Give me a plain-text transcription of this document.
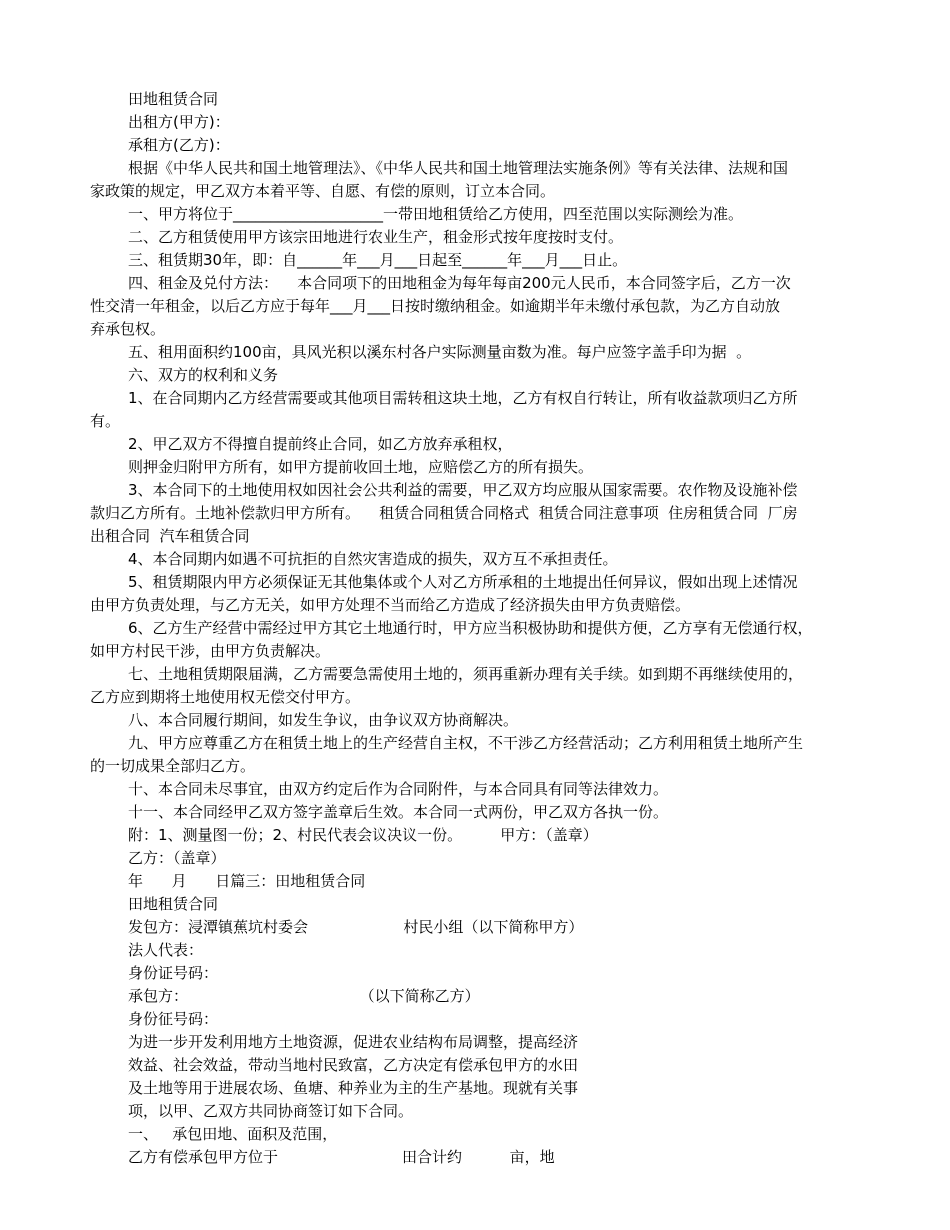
田地租赁合同
出租方(甲方)：
承租方(乙方)：
根据《中华人民共和国土地管理法》、《中华人民共和国土地管理法实施条例》等有关法律、法规和国
家政策的规定，甲乙双方本着平等、自愿、有偿的原则，订立本合同。
一、甲方将位于____________________一带田地租赁给乙方使用，四至范围以实际测绘为准。
二、乙方租赁使用甲方该宗田地进行农业生产，租金形式按年度按时支付。
三、租赁期30年，即：自______年___月___日起至______年___月___日止。
四、租金及兑付方法：    本合同项下的田地租金为每年每亩200元人民币，本合同签字后，乙方一次
性交清一年租金，以后乙方应于每年___月___日按时缴纳租金。如逾期半年未缴付承包款，为乙方自动放
弃承包权。
五、租用面积约100亩，具风光积以溪东村各户实际测量亩数为准。每户应签字盖手印为据  。
六、双方的权利和义务
1、在合同期内乙方经营需要或其他项目需转租这块土地，乙方有权自行转让，所有收益款项归乙方所
有。
2、甲乙双方不得擅自提前终止合同，如乙方放弃承租权，
则押金归附甲方所有，如甲方提前收回土地，应赔偿乙方的所有损失。
3、本合同下的土地使用权如因社会公共利益的需要，甲乙双方均应服从国家需要。农作物及设施补偿
款归乙方所有。土地补偿款归甲方所有。    租赁合同租赁合同格式  租赁合同注意事项  住房租赁合同  厂房
出租合同  汽车租赁合同
4、本合同期内如遇不可抗拒的自然灾害造成的损失，双方互不承担责任。
5、租赁期限内甲方必须保证无其他集体或个人对乙方所承租的土地提出任何异议，假如出现上述情况
由甲方负责处理，与乙方无关，如甲方处理不当而给乙方造成了经济损失由甲方负责赔偿。
6、乙方生产经营中需经过甲方其它土地通行时，甲方应当积极协助和提供方便，乙方享有无偿通行权，
如甲方村民干涉，由甲方负责解决。
七、土地租赁期限届满，乙方需要急需使用土地的，须再重新办理有关手续。如到期不再继续使用的，
乙方应到期将土地使用权无偿交付甲方。
八、本合同履行期间，如发生争议，由争议双方协商解决。
九、甲方应尊重乙方在租赁土地上的生产经营自主权，不干涉乙方经营活动；乙方利用租赁土地所产生
的一切成果全部归乙方。
十、本合同未尽事宜，由双方约定后作为合同附件，与本合同具有同等法律效力。
十一、本合同经甲乙双方签字盖章后生效。本合同一式两份，甲乙双方各执一份。
附：1、测量图一份；2、村民代表会议决议一份。        甲方：（盖章）
乙方：（盖章）
年      月      日篇三：田地租赁合同
田地租赁合同
发包方：浸潭镇蕉坑村委会                    村民小组（以下简称甲方）
法人代表：
身份证号码：
承包方：                                    （以下简称乙方）
身份征号码：
为进一步开发利用地方土地资源，促进农业结构布局调整，提高经济
效益、社会效益，带动当地村民致富，乙方决定有偿承包甲方的水田
及土地等用于进展农场、鱼塘、种养业为主的生产基地。现就有关事
项，以甲、乙双方共同协商签订如下合同。
一、   承包田地、面积及范围，
乙方有偿承包甲方位于                          田合计约          亩，地
